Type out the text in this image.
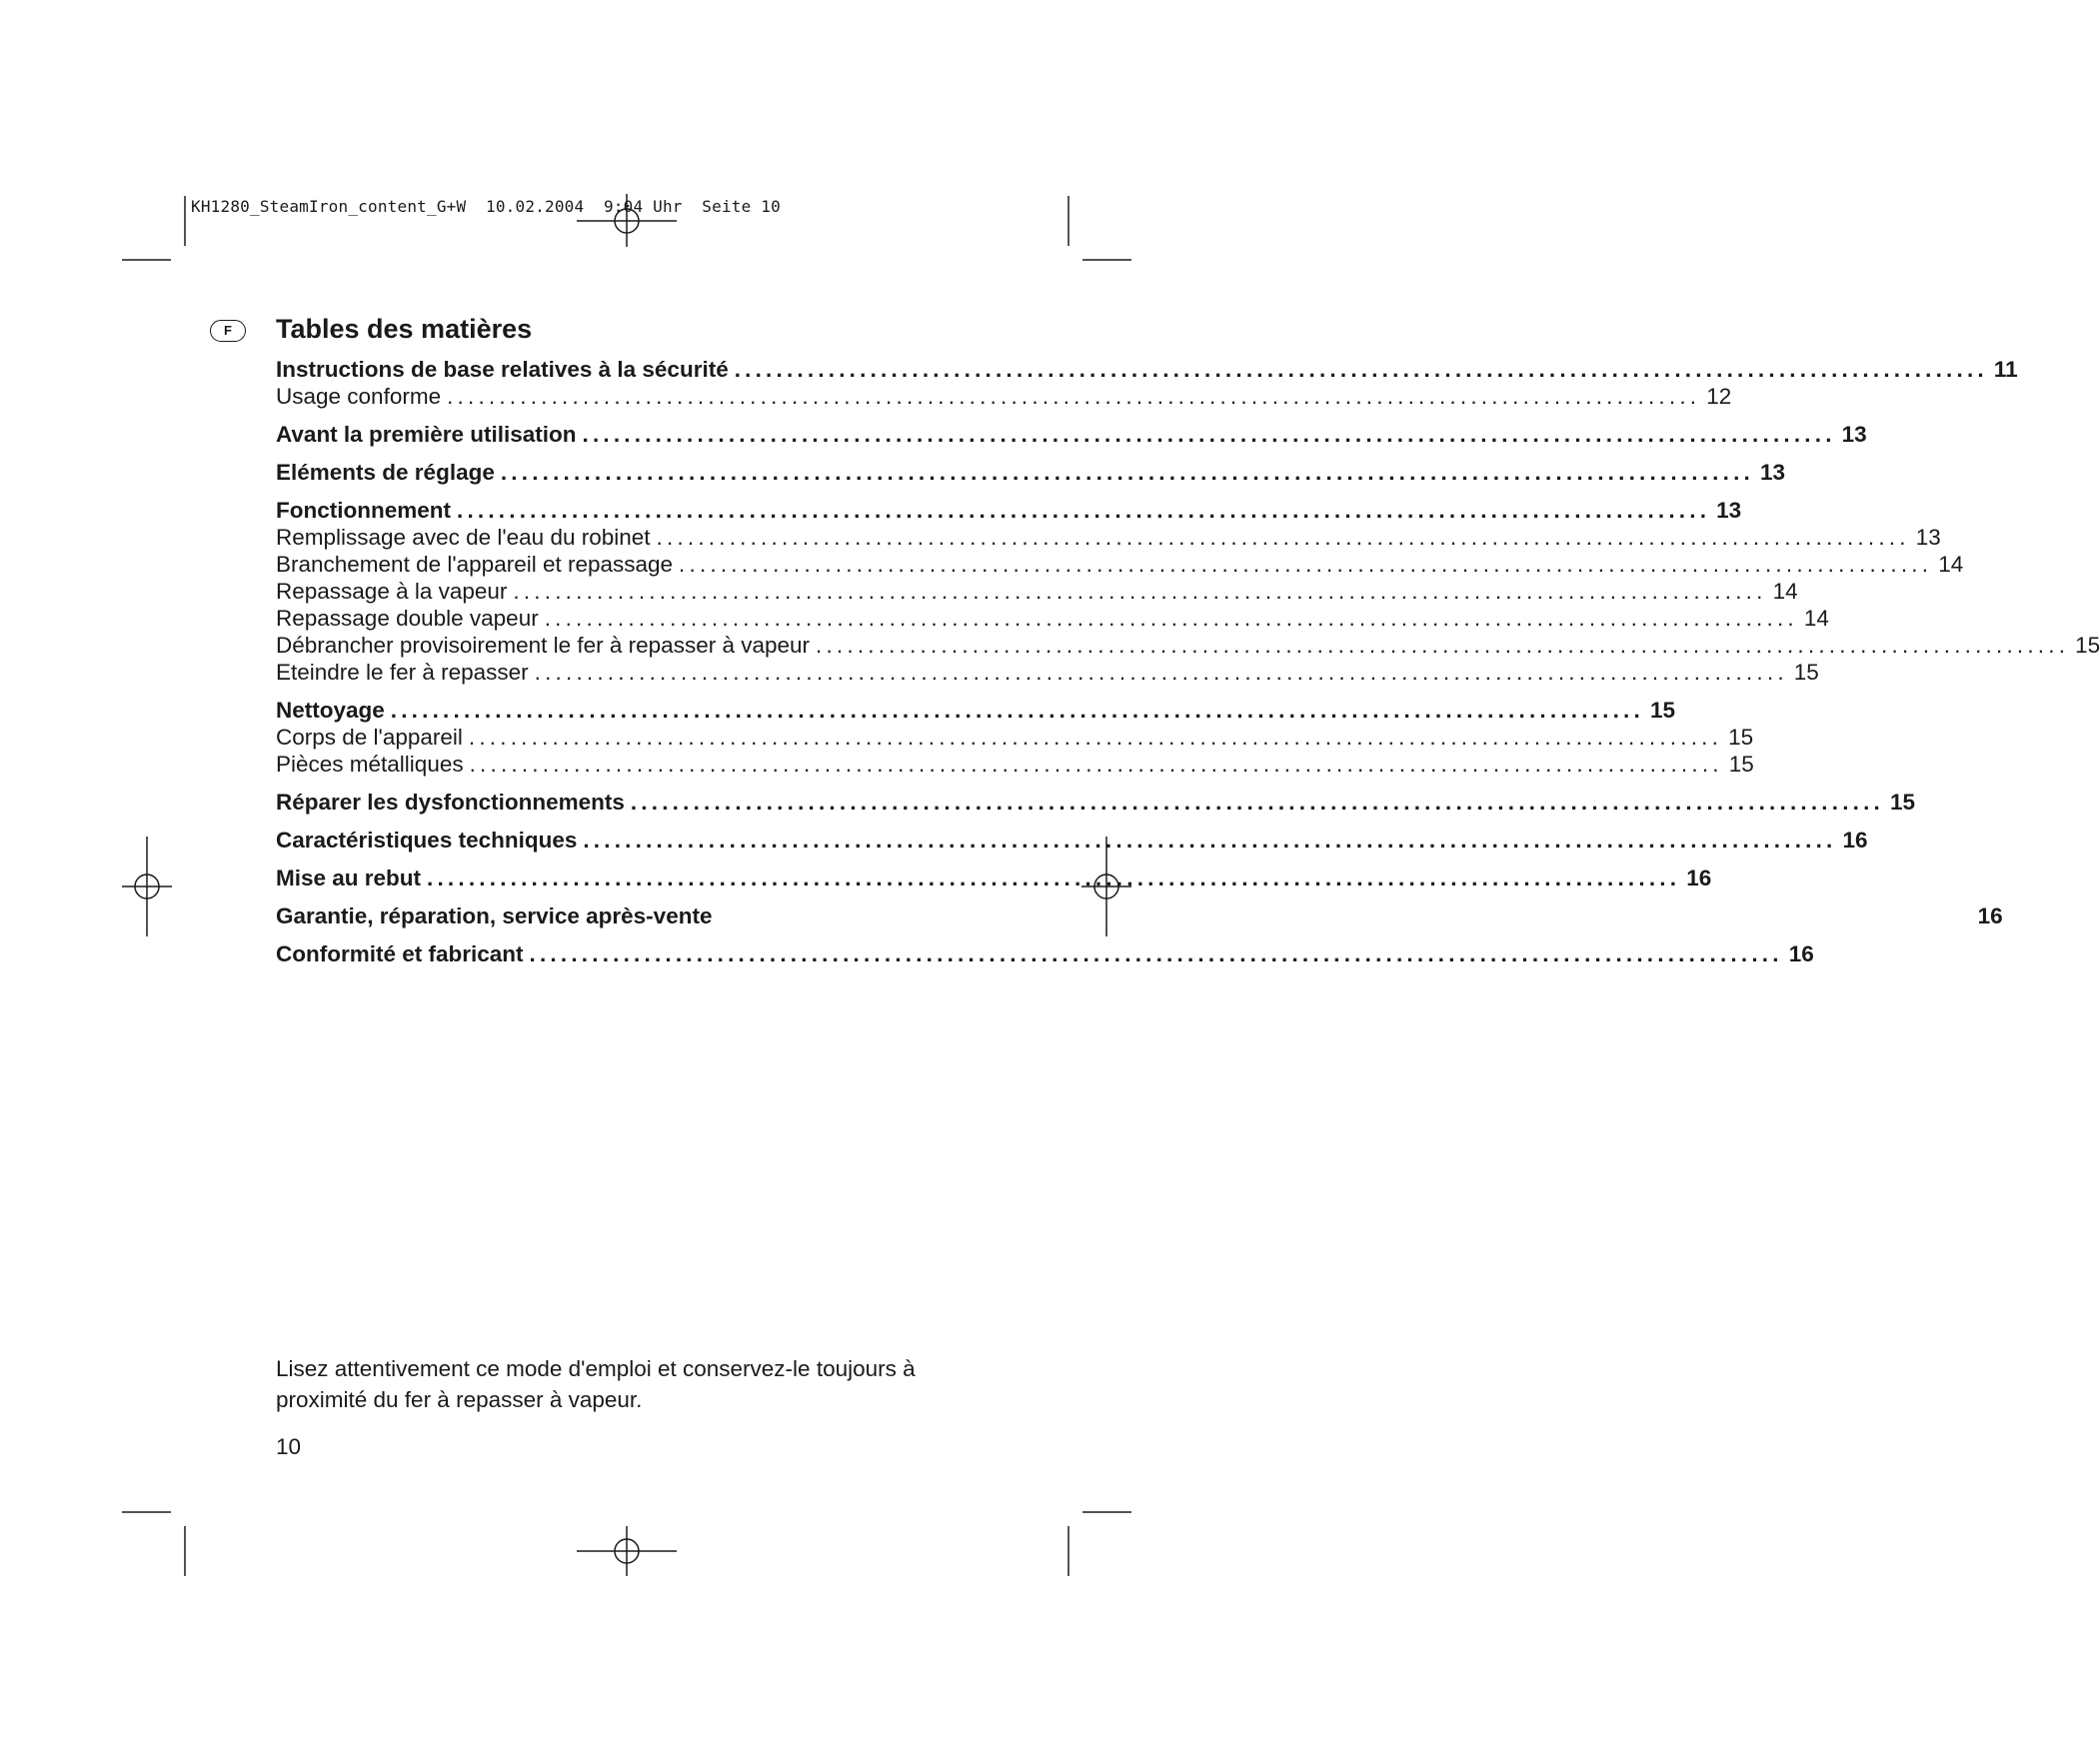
KH1280_SteamIron_content_G+W  10.02.2004  9:04 Uhr  Seite 10
F	Tables des matières
Instructions de base relatives à la sécurité ........................................................................................................................ 11
Usage conforme ........................................................................................................................ 12
Avant la première utilisation ........................................................................................................................ 13
Eléments de réglage ........................................................................................................................ 13
Fonctionnement ........................................................................................................................ 13
Remplissage avec de l'eau du robinet ........................................................................................................................ 13
Branchement de l'appareil et repassage ........................................................................................................................ 14
Repassage à la vapeur ........................................................................................................................ 14
Repassage double vapeur ........................................................................................................................ 14
Débrancher provisoirement le fer à repasser à vapeur ........................................................................................................................ 15
Eteindre le fer à repasser ........................................................................................................................ 15
Nettoyage ........................................................................................................................ 15
Corps de l'appareil ........................................................................................................................ 15
Pièces métalliques ........................................................................................................................ 15
Réparer les dysfonctionnements ........................................................................................................................ 15
Caractéristiques techniques ........................................................................................................................ 16
Mise au rebut ........................................................................................................................ 16
Garantie, réparation, service après-vente	16
Conformité et fabricant ........................................................................................................................ 16
Lisez attentivement ce mode d'emploi et conservez-le toujours à proximité du fer à repasser à vapeur.
10
